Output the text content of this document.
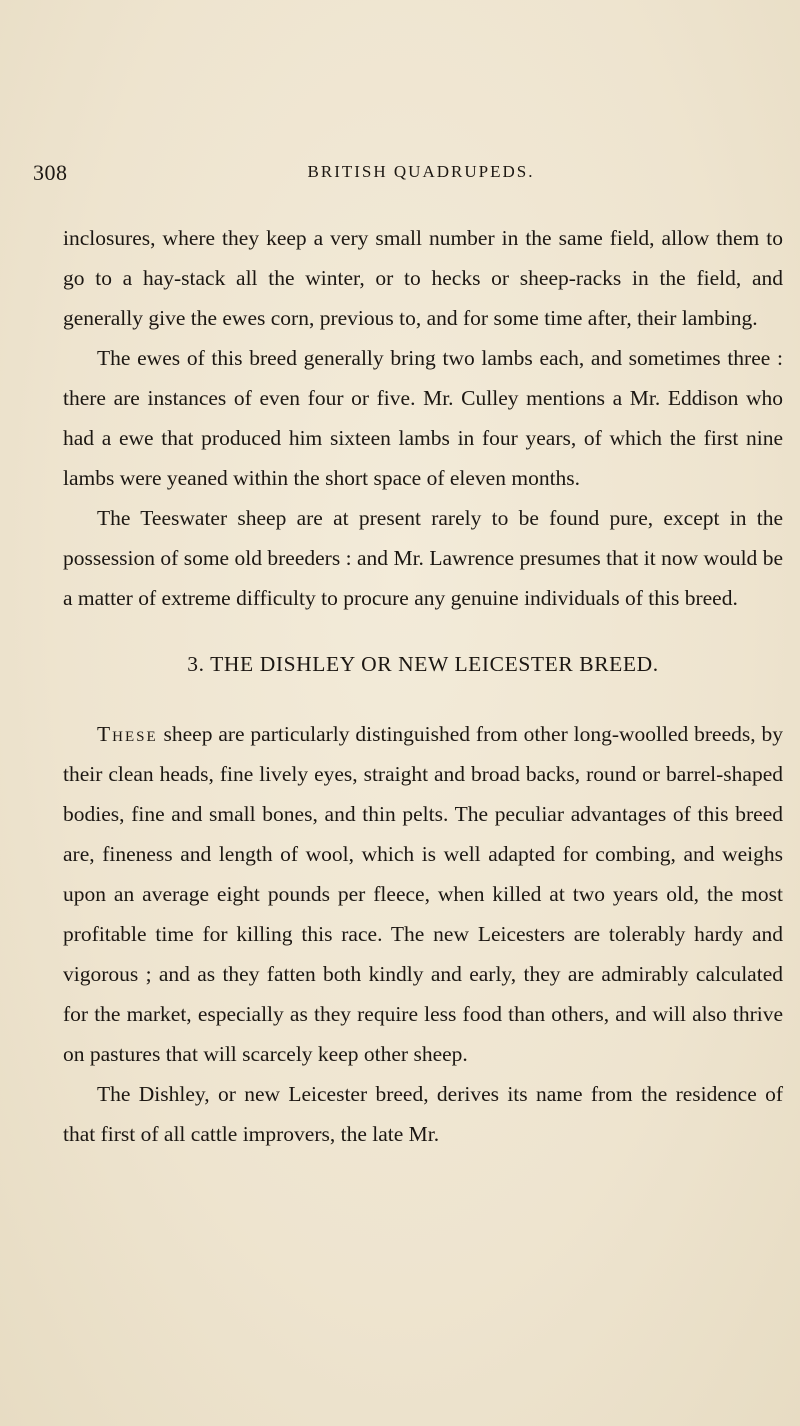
308	BRITISH QUADRUPEDS.

inclosures, where they keep a very small number in the same field, allow them to go to a hay-stack all the winter, or to hecks or sheep-racks in the field, and generally give the ewes corn, previous to, and for some time after, their lambing.

The ewes of this breed generally bring two lambs each, and sometimes three : there are instances of even four or five. Mr. Culley mentions a Mr. Eddison who had a ewe that produced him sixteen lambs in four years, of which the first nine lambs were yeaned within the short space of eleven months.

The Teeswater sheep are at present rarely to be found pure, except in the possession of some old breeders : and Mr. Lawrence presumes that it now would be a matter of extreme difficulty to procure any genuine individuals of this breed.

3. THE DISHLEY OR NEW LEICESTER BREED.

These sheep are particularly distinguished from other long-woolled breeds, by their clean heads, fine lively eyes, straight and broad backs, round or barrel-shaped bodies, fine and small bones, and thin pelts. The peculiar advantages of this breed are, fineness and length of wool, which is well adapted for combing, and weighs upon an average eight pounds per fleece, when killed at two years old, the most profitable time for killing this race. The new Leicesters are tolerably hardy and vigorous ; and as they fatten both kindly and early, they are admirably calculated for the market, especially as they require less food than others, and will also thrive on pastures that will scarcely keep other sheep.

The Dishley, or new Leicester breed, derives its name from the residence of that first of all cattle improvers, the late Mr.
